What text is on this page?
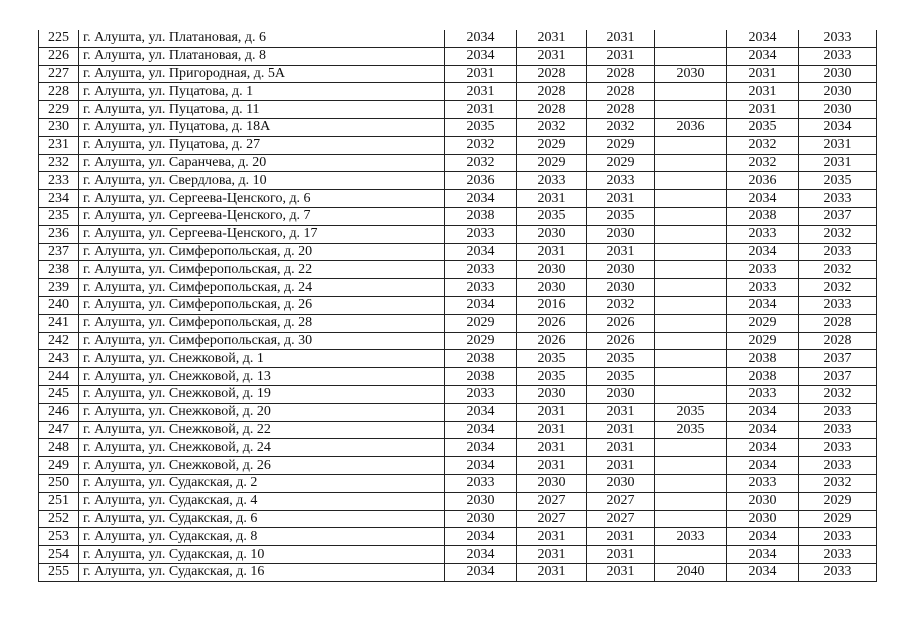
225	г. Алушта, ул. Платановая, д. 6	2034	2031	2031		2034	2033
226	г. Алушта, ул. Платановая, д. 8	2034	2031	2031		2034	2033
227	г. Алушта, ул. Пригородная, д. 5А	2031	2028	2028	2030	2031	2030
228	г. Алушта, ул. Пуцатова, д. 1	2031	2028	2028		2031	2030
229	г. Алушта, ул. Пуцатова, д. 11	2031	2028	2028		2031	2030
230	г. Алушта, ул. Пуцатова, д. 18А	2035	2032	2032	2036	2035	2034
231	г. Алушта, ул. Пуцатова, д. 27	2032	2029	2029		2032	2031
232	г. Алушта, ул. Саранчева, д. 20	2032	2029	2029		2032	2031
233	г. Алушта, ул. Свердлова, д. 10	2036	2033	2033		2036	2035
234	г. Алушта, ул. Сергеева-Ценского, д. 6	2034	2031	2031		2034	2033
235	г. Алушта, ул. Сергеева-Ценского, д. 7	2038	2035	2035		2038	2037
236	г. Алушта, ул. Сергеева-Ценского, д. 17	2033	2030	2030		2033	2032
237	г. Алушта, ул. Симферопольская, д. 20	2034	2031	2031		2034	2033
238	г. Алушта, ул. Симферопольская, д. 22	2033	2030	2030		2033	2032
239	г. Алушта, ул. Симферопольская, д. 24	2033	2030	2030		2033	2032
240	г. Алушта, ул. Симферопольская, д. 26	2034	2016	2032		2034	2033
241	г. Алушта, ул. Симферопольская, д. 28	2029	2026	2026		2029	2028
242	г. Алушта, ул. Симферопольская, д. 30	2029	2026	2026		2029	2028
243	г. Алушта, ул. Снежковой, д. 1	2038	2035	2035		2038	2037
244	г. Алушта, ул. Снежковой, д. 13	2038	2035	2035		2038	2037
245	г. Алушта, ул. Снежковой, д. 19	2033	2030	2030		2033	2032
246	г. Алушта, ул. Снежковой, д. 20	2034	2031	2031	2035	2034	2033
247	г. Алушта, ул. Снежковой, д. 22	2034	2031	2031	2035	2034	2033
248	г. Алушта, ул. Снежковой, д. 24	2034	2031	2031		2034	2033
249	г. Алушта, ул. Снежковой, д. 26	2034	2031	2031		2034	2033
250	г. Алушта, ул. Судакская, д. 2	2033	2030	2030		2033	2032
251	г. Алушта, ул. Судакская, д. 4	2030	2027	2027		2030	2029
252	г. Алушта, ул. Судакская, д. 6	2030	2027	2027		2030	2029
253	г. Алушта, ул. Судакская, д. 8	2034	2031	2031	2033	2034	2033
254	г. Алушта, ул. Судакская, д. 10	2034	2031	2031		2034	2033
255	г. Алушта, ул. Судакская, д. 16	2034	2031	2031	2040	2034	2033
